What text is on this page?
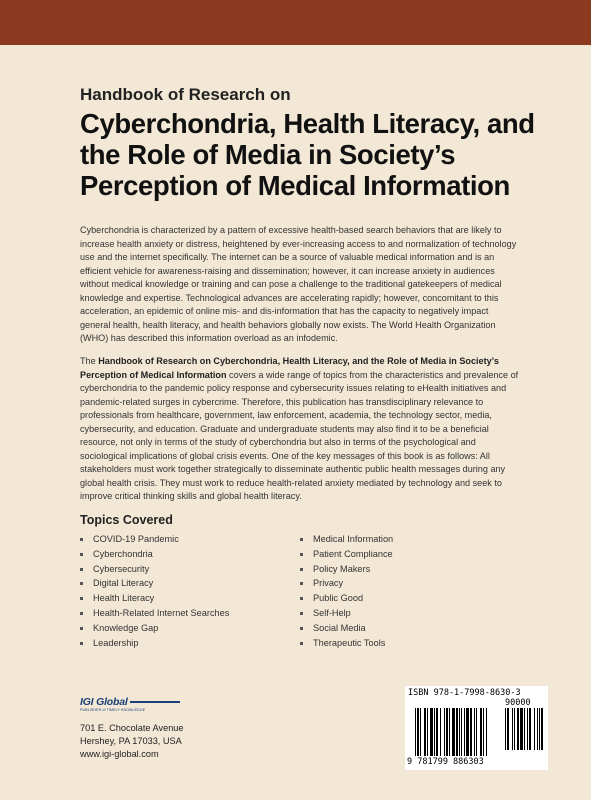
Handbook of Research on
Cyberchondria, Health Literacy, and the Role of Media in Society’s Perception of Medical Information

Cyberchondria is characterized by a pattern of excessive health-based search behaviors that are likely to increase health anxiety or distress, heightened by ever-increasing access to and normalization of technology use and the internet specifically. The internet can be a source of valuable medical information and is an efficient vehicle for awareness-raising and dissemination; however, it can increase anxiety in audiences without medical knowledge or training and can pose a challenge to the traditional gatekeepers of medical knowledge and expertise. Technological advances are accelerating rapidly; however, concomitant to this acceleration, an epidemic of online mis- and dis-information that has the capacity to negatively impact general health, health literacy, and health behaviors globally now exists. The World Health Organization (WHO) has described this information overload as an infodemic.

The Handbook of Research on Cyberchondria, Health Literacy, and the Role of Media in Society’s Perception of Medical Information covers a wide range of topics from the characteristics and prevalence of cyberchondria to the pandemic policy response and cybersecurity issues relating to eHealth initiatives and pandemic-related surges in cybercrime. Therefore, this publication has transdisciplinary relevance to professionals from healthcare, government, law enforcement, academia, the technology sector, media, cybersecurity, and education. Graduate and undergraduate students may also find it to be a beneficial resource, not only in terms of the study of cyberchondria but also in terms of the psychological and sociological implications of global crisis events. One of the key messages of this book is as follows: All stakeholders must work together strategically to disseminate authentic public health messages during any global health crisis. They must work to reduce health-related anxiety mediated by technology and seek to improve critical thinking skills and global health literacy.

Topics Covered
COVID-19 Pandemic
Cyberchondria
Cybersecurity
Digital Literacy
Health Literacy
Health-Related Internet Searches
Knowledge Gap
Leadership
Medical Information
Patient Compliance
Policy Makers
Privacy
Public Good
Self-Help
Social Media
Therapeutic Tools
IGI Global
PUBLISHER of TIMELY KNOWLEDGE
701 E. Chocolate Avenue
Hershey, PA 17033, USA
www.igi-global.com
ISBN 978-1-7998-8630-3
90000
9 781799 886303
